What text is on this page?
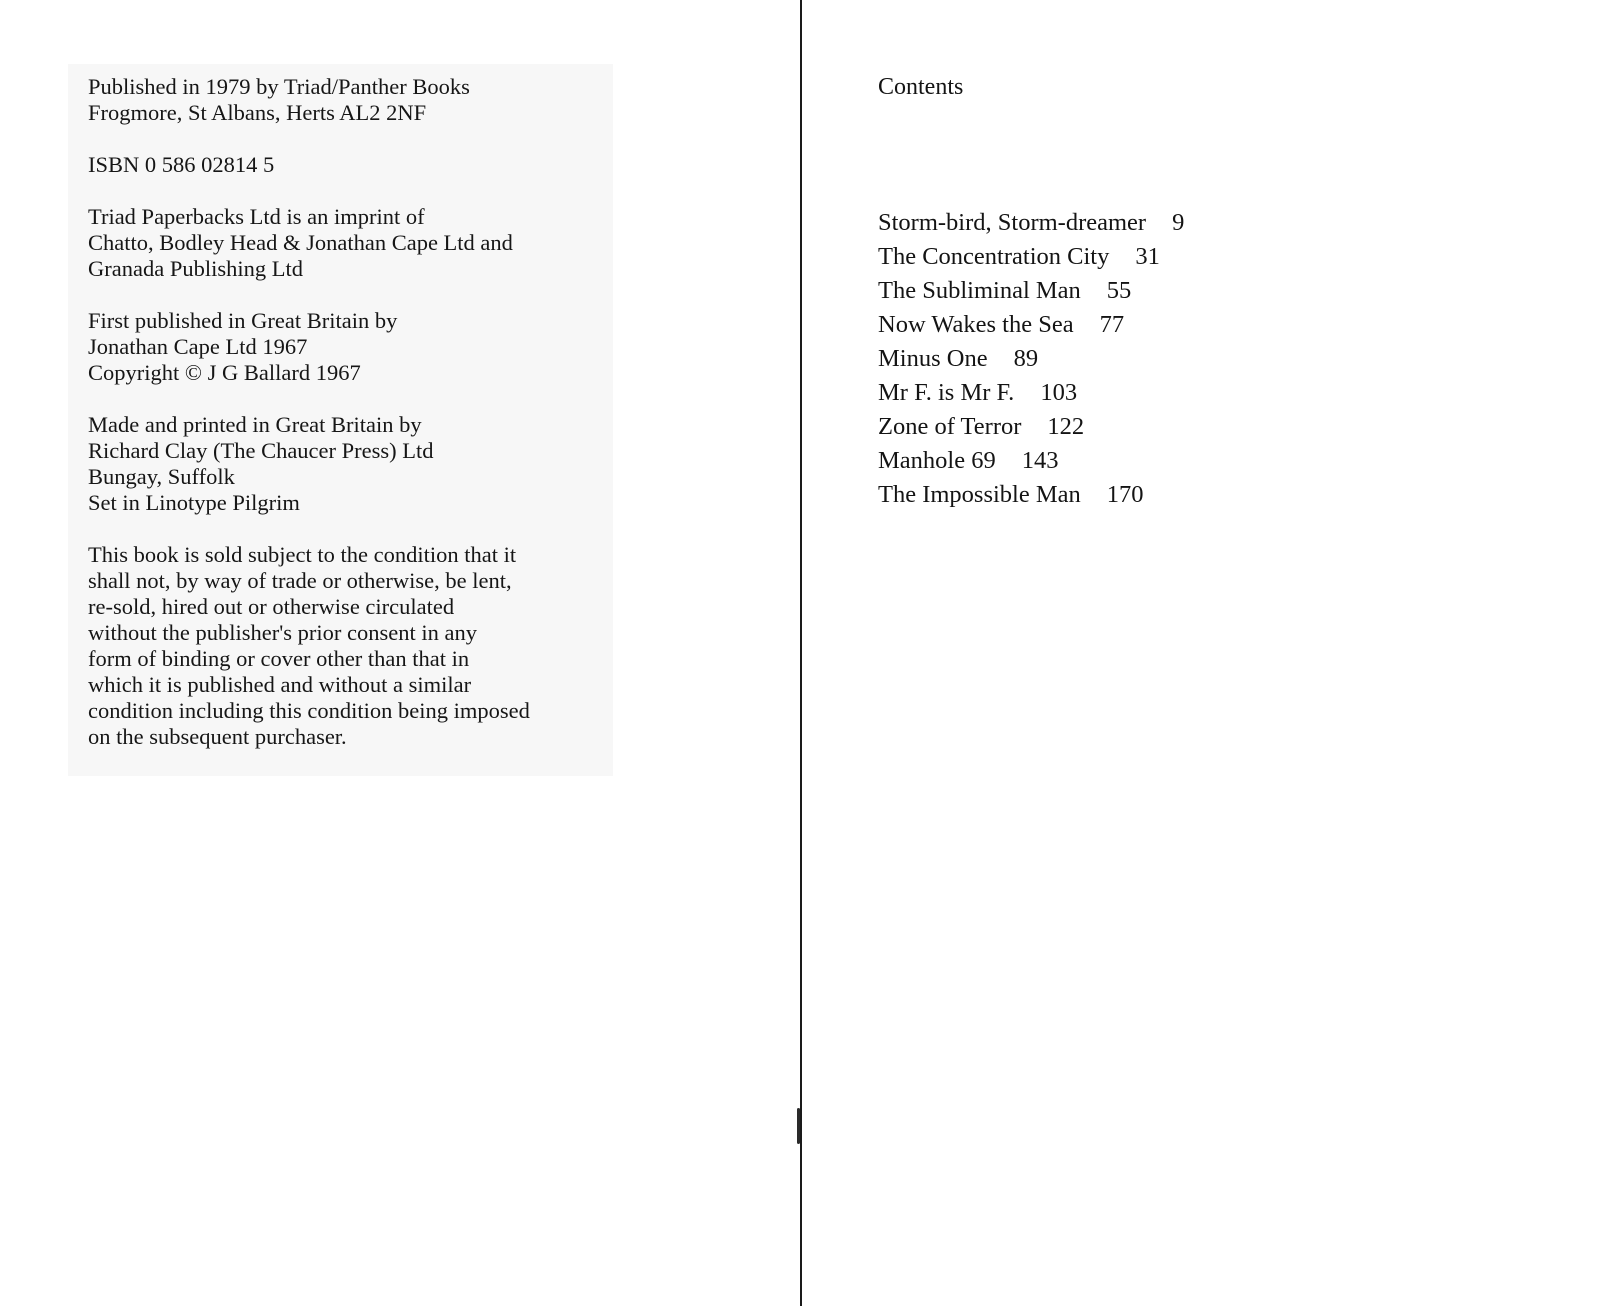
Published in 1979 by Triad/Panther Books
Frogmore, St Albans, Herts AL2 2NF

ISBN 0 586 02814 5

Triad Paperbacks Ltd is an imprint of
Chatto, Bodley Head & Jonathan Cape Ltd and
Granada Publishing Ltd

First published in Great Britain by
Jonathan Cape Ltd 1967
Copyright © J G Ballard 1967

Made and printed in Great Britain by
Richard Clay (The Chaucer Press) Ltd
Bungay, Suffolk
Set in Linotype Pilgrim

This book is sold subject to the condition that it
shall not, by way of trade or otherwise, be lent,
re-sold, hired out or otherwise circulated
without the publisher's prior consent in any
form of binding or cover other than that in
which it is published and without a similar
condition including this condition being imposed
on the subsequent purchaser.

Contents
Storm-bird, Storm-dreamer 9
The Concentration City 31
The Subliminal Man 55
Now Wakes the Sea 77
Minus One 89
Mr F. is Mr F. 103
Zone of Terror 122
Manhole 69 143
The Impossible Man 170
